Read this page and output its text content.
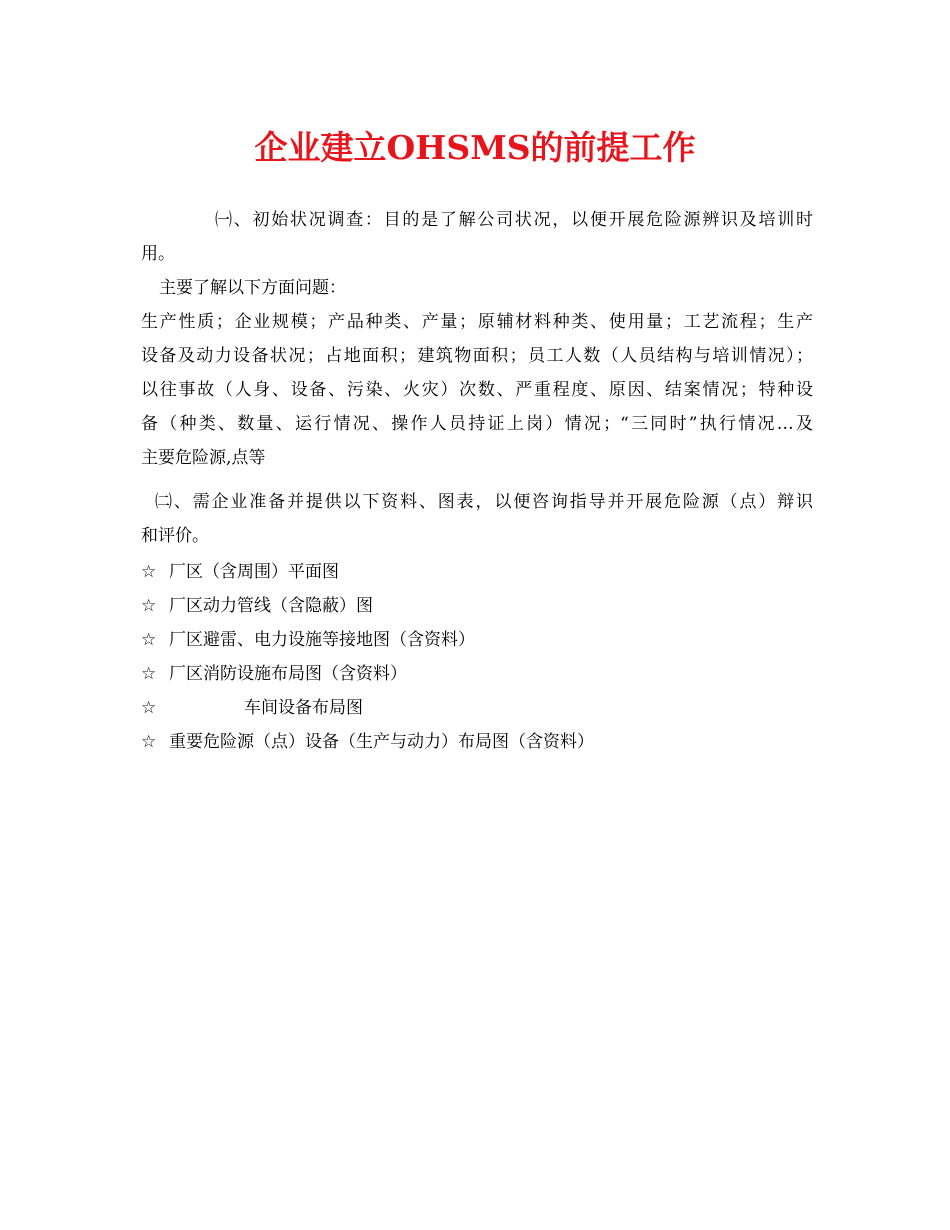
企业建立OHSMS的前提工作
㈠、初始状况调查：目的是了解公司状况，以便开展危险源辨识及培训时
用。
主要了解以下方面问题：
生产性质；企业规模；产品种类、产量；原辅材料种类、使用量；工艺流程；生产
设备及动力设备状况；占地面积；建筑物面积；员工人数（人员结构与培训情况）；
以往事故（人身、设备、污染、火灾）次数、严重程度、原因、结案情况；特种设
备（种类、数量、运行情况、操作人员持证上岗）情况；“三同时”执行情况…及
主要危险源,点等
㈡、需企业准备并提供以下资料、图表，以便咨询指导并开展危险源（点）辩识
和评价。
☆ 厂区（含周围）平面图
☆ 厂区动力管线（含隐蔽）图
☆ 厂区避雷、电力设施等接地图（含资料）
☆ 厂区消防设施布局图（含资料）
☆	车间设备布局图
☆ 重要危险源（点）设备（生产与动力）布局图（含资料）
